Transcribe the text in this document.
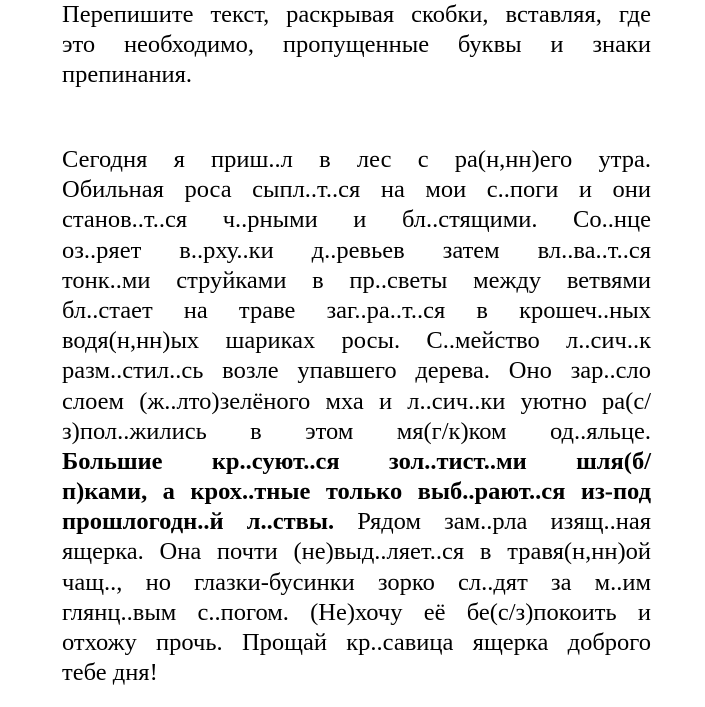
Перепишите текст, раскрывая скобки, вставляя, где
это необходимо, пропущенные буквы и знаки
препинания.
Сегодня я приш..л в лес с ра(н,нн)его утра.
Обильная роса сыпл..т..ся на мои с..поги и они
станов..т..ся ч..рными и бл..стящими. Со..нце
оз..ряет в..рху..ки д..ревьев затем вл..ва..т..ся
тонк..ми струйками в пр..светы между ветвями
бл..стает на траве заг..ра..т..ся в крошеч..ных
водя(н,нн)ых шариках росы. С..мейство л..сич..к
разм..стил..сь возле упавшего дерева. Оно зар..сло
слоем (ж..лто)зелёного мха и л..сич..ки уютно ра(с/
з)пол..жились в этом мя(г/к)ком од..яльце.
Большие кр..суют..ся зол..тист..ми шля(б/
п)ками, а крох..тные только выб..рают..ся из-под
прошлогодн..й л..ствы. Рядом зам..рла изящ..ная
ящерка. Она почти (не)выд..ляет..ся в травя(н,нн)ой
чащ.., но глазки-бусинки зорко сл..дят за м..им
глянц..вым с..погом. (Не)хочу её бе(с/з)покоить и
отхожу прочь. Прощай кр..савица ящерка доброго
тебе дня!
